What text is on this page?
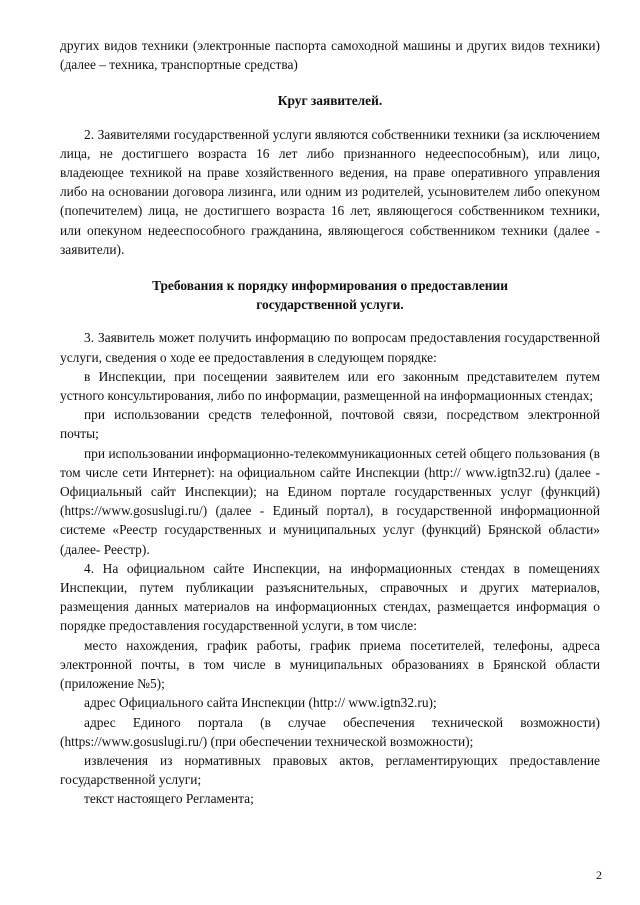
других видов техники (электронные паспорта самоходной машины и других видов техники) (далее – техника, транспортные средства)

Круг заявителей.

2. Заявителями государственной услуги являются собственники техники (за исключением лица, не достигшего возраста 16 лет либо признанного недееспособным), или лицо, владеющее техникой на праве хозяйственного ведения, на праве оперативного управления либо на основании договора лизинга, или одним из родителей, усыновителем либо опекуном (попечителем) лица, не достигшего возраста 16 лет, являющегося собственником техники, или опекуном недееспособного гражданина, являющегося собственником техники (далее - заявители).

Требования к порядку информирования о предоставлении
государственной услуги.

3. Заявитель может получить информацию по вопросам предоставления государственной услуги, сведения о ходе ее предоставления в следующем порядке:

в Инспекции, при посещении заявителем или его законным представителем путем устного консультирования, либо по информации, размещенной на информационных стендах;

при использовании средств телефонной, почтовой связи, посредством электронной почты;

при использовании информационно-телекоммуникационных сетей общего пользования (в том числе сети Интернет): на официальном сайте Инспекции (http:// www.igtn32.ru) (далее - Официальный сайт Инспекции); на Едином портале государственных услуг (функций) (https://www.gosuslugi.ru/) (далее - Единый портал), в государственной информационной системе «Реестр государственных и муниципальных услуг (функций) Брянской области» (далее- Реестр).

4. На официальном сайте Инспекции, на информационных стендах в помещениях Инспекции, путем публикации разъяснительных, справочных и других материалов, размещения данных материалов на информационных стендах, размещается информация о порядке предоставления государственной услуги, в том числе:

место нахождения, график работы, график приема посетителей, телефоны, адреса электронной почты, в том числе в муниципальных образованиях в Брянской области (приложение №5);

адрес Официального сайта Инспекции (http:// www.igtn32.ru);

адрес Единого портала (в случае обеспечения технической возможности) (https://www.gosuslugi.ru/) (при обеспечении технической возможности);

извлечения из нормативных правовых актов, регламентирующих предоставление государственной услуги;

текст настоящего Регламента;

2
